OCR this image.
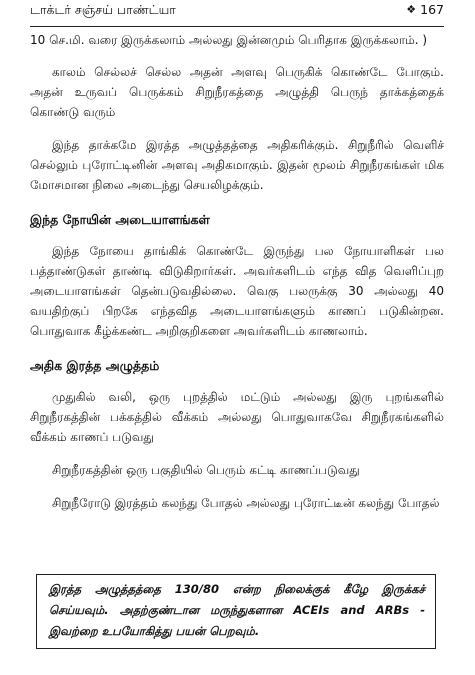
டாக்டர் சஞ்சய் பாண்ட்யா	❖ 167

10 செ.மி. வரை இருக்கலாம் அல்லது இன்னமும் பெரிதாக இருக்கலாம். )

காலம் செல்லச் செல்ல அதன் அளவு பெருகிக் கொண்டே போகும். அதன் உருவப் பெருக்கம் சிறுநீரகத்தை அழுத்தி பெருந் தாக்கத்தைக் கொண்டு வரும்

இந்த தாக்கமே இரத்த அழுத்தத்தை அதிகரிக்கும். சிறுநீரில் வெளிச் செல்லும் புரோட்டினின் அளவு அதிகமாகும். இதன் மூலம் சிறுநீரகங்கள் மிக மோசமான நிலை அடைந்து செயலிழக்கும்.

இந்த நோயின் அடையாளங்கள்

இந்த நோயை தாங்கிக் கொண்டே இருந்து பல நோயாளிகள் பல பத்தாண்டுகள் தாண்டி விடுகிறார்கள். அவர்களிடம் எந்த வித வெளிப்புற அடையாளங்கள் தென்படுவதில்லை. வெகு பலருக்கு 30 அல்லது 40 வயதிற்குப் பிறகே எந்தவித அடையாளங்களும் காணப் படுகின்றன. பொதுவாக கீழ்க்கண்ட அறிகுறிகளை அவர்களிடம் காணலாம்.

அதிக இரத்த அழுத்தம்

முதுகில் வலி, ஒரு புறத்தில் மட்டும் அல்லது இரு புறங்களில் சிறுநீரகத்தின் பக்கத்தில் வீக்கம் அல்லது பொதுவாகவே சிறுநீரகங்களில் வீக்கம் காணப் படுவது

சிறுநீரகத்தின் ஒரு பகுதியில் பெரும் கட்டி காணப்படுவது

சிறுநீரோடு இரத்தம் கலந்து போதல் அல்லது புரோட்டீன் கலந்து போதல்

இரத்த அழுத்தத்தை 130/80 என்ற நிலைக்குக் கீழே இருக்கச் செய்யவும். அதற்குண்டான மருந்துகளான ACEIs and ARBs - இவற்றை உபயோகித்து பயன் பெறவும்.
